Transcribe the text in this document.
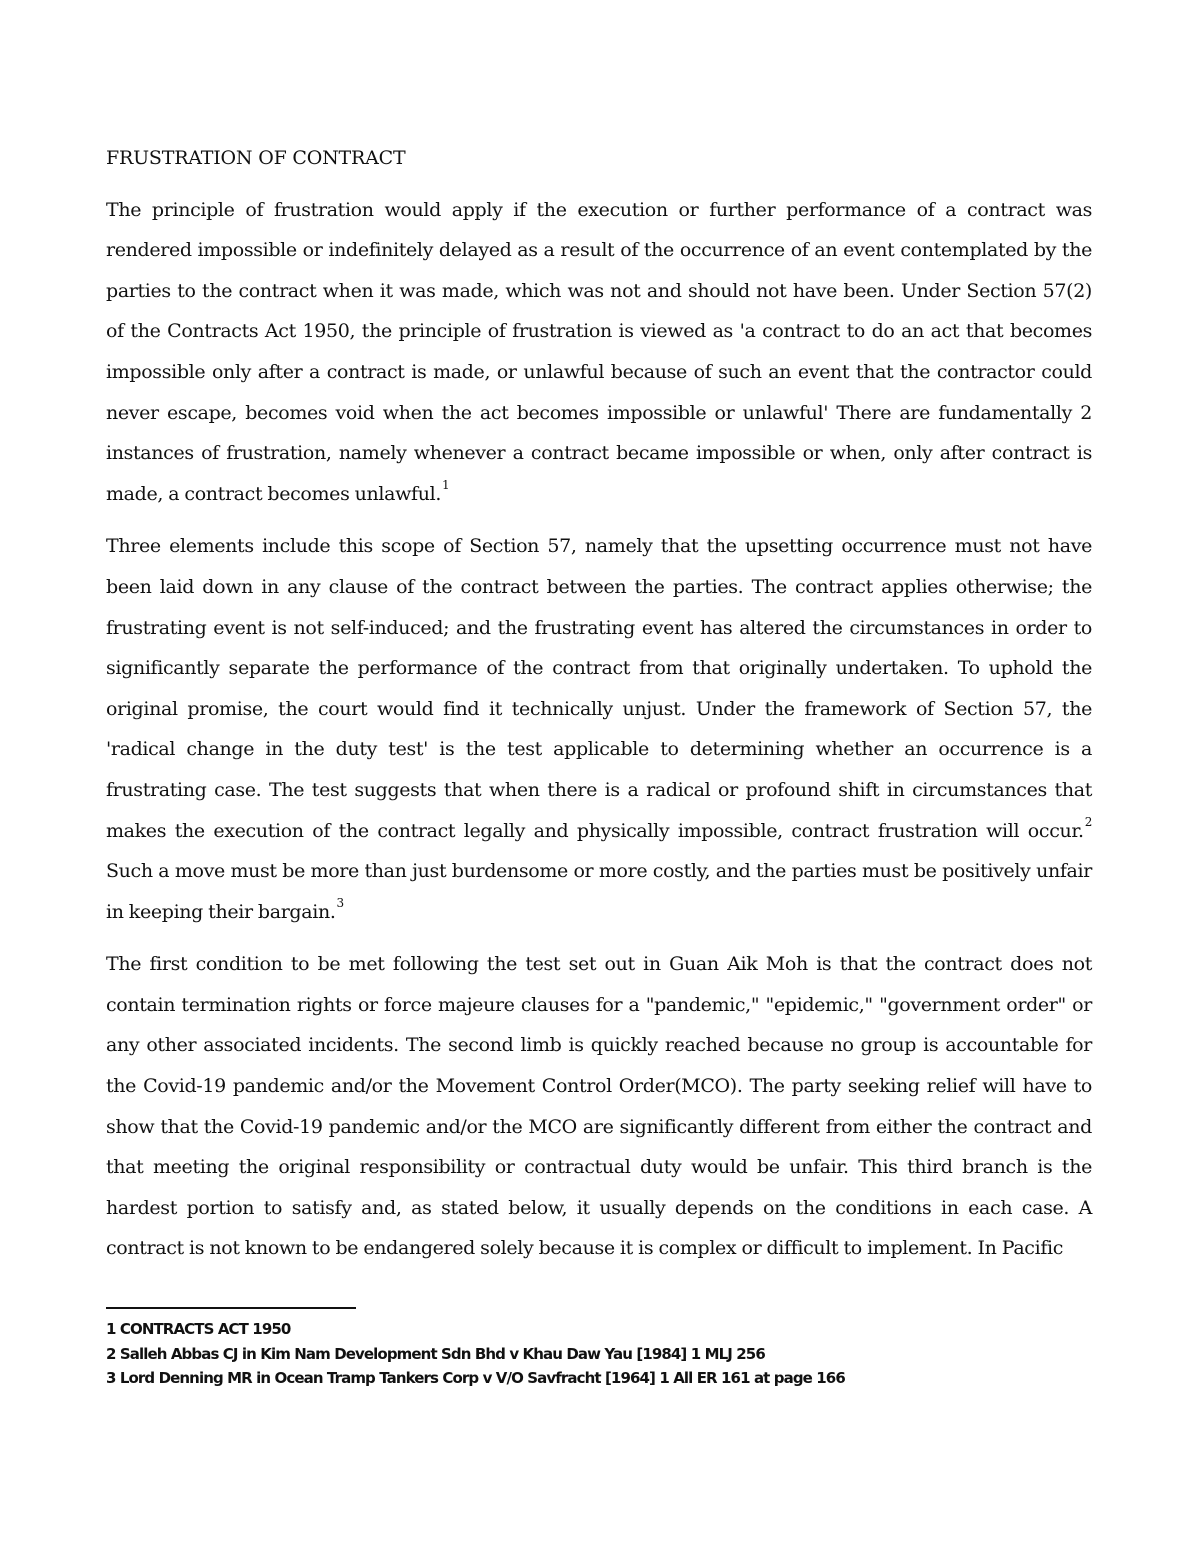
FRUSTRATION OF CONTRACT

The principle of frustration would apply if the execution or further performance of a contract was rendered impossible or indefinitely delayed as a result of the occurrence of an event contemplated by the parties to the contract when it was made, which was not and should not have been. Under Section 57(2) of the Contracts Act 1950, the principle of frustration is viewed as 'a contract to do an act that becomes impossible only after a contract is made, or unlawful because of such an event that the contractor could never escape, becomes void when the act becomes impossible or unlawful' There are fundamentally 2 instances of frustration, namely whenever a contract became impossible or when, only after contract is made, a contract becomes unlawful.$^1$

Three elements include this scope of Section 57, namely that the upsetting occurrence must not have been laid down in any clause of the contract between the parties. The contract applies otherwise; the frustrating event is not self-induced; and the frustrating event has altered the circumstances in order to significantly separate the performance of the contract from that originally undertaken. To uphold the original promise, the court would find it technically unjust. Under the framework of Section 57, the 'radical change in the duty test' is the test applicable to determining whether an occurrence is a frustrating case. The test suggests that when there is a radical or profound shift in circumstances that makes the execution of the contract legally and physically impossible, contract frustration will occur.$^2$ Such a move must be more than just burdensome or more costly, and the parties must be positively unfair in keeping their bargain.$^3$

The first condition to be met following the test set out in Guan Aik Moh is that the contract does not contain termination rights or force majeure clauses for a "pandemic," "epidemic," "government order" or any other associated incidents. The second limb is quickly reached because no group is accountable for the Covid-19 pandemic and/or the Movement Control Order(MCO). The party seeking relief will have to show that the Covid-19 pandemic and/or the MCO are significantly different from either the contract and that meeting the original responsibility or contractual duty would be unfair. This third branch is the hardest portion to satisfy and, as stated below, it usually depends on the conditions in each case. A contract is not known to be endangered solely because it is complex or difficult to implement. In Pacific

1 CONTRACTS ACT 1950
2 Salleh Abbas CJ in Kim Nam Development Sdn Bhd v Khau Daw Yau [1984] 1 MLJ 256
3 Lord Denning MR in Ocean Tramp Tankers Corp v V/O Savfracht [1964] 1 All ER 161 at page 166
